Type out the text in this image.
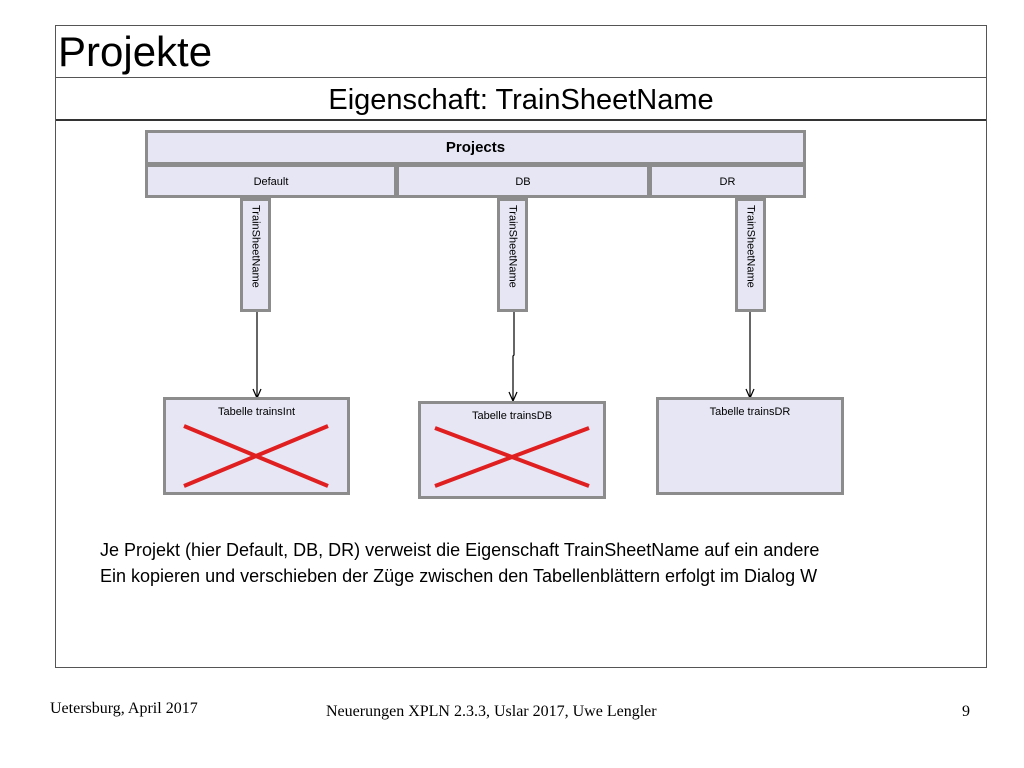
Projekte
Eigenschaft: TrainSheetName
Projects
Default	DB	DR
TrainSheetName	TrainSheetName	TrainSheetName
Tabelle trainsInt	Tabelle trainsDB	Tabelle trainsDR
Je Projekt (hier Default, DB, DR) verweist die Eigenschaft TrainSheetName auf ein andere
Ein kopieren und verschieben der Züge zwischen den Tabellenblättern erfolgt im Dialog W
Uetersburg, April 2017	Neuerungen XPLN 2.3.3, Uslar 2017, Uwe Lengler	9
